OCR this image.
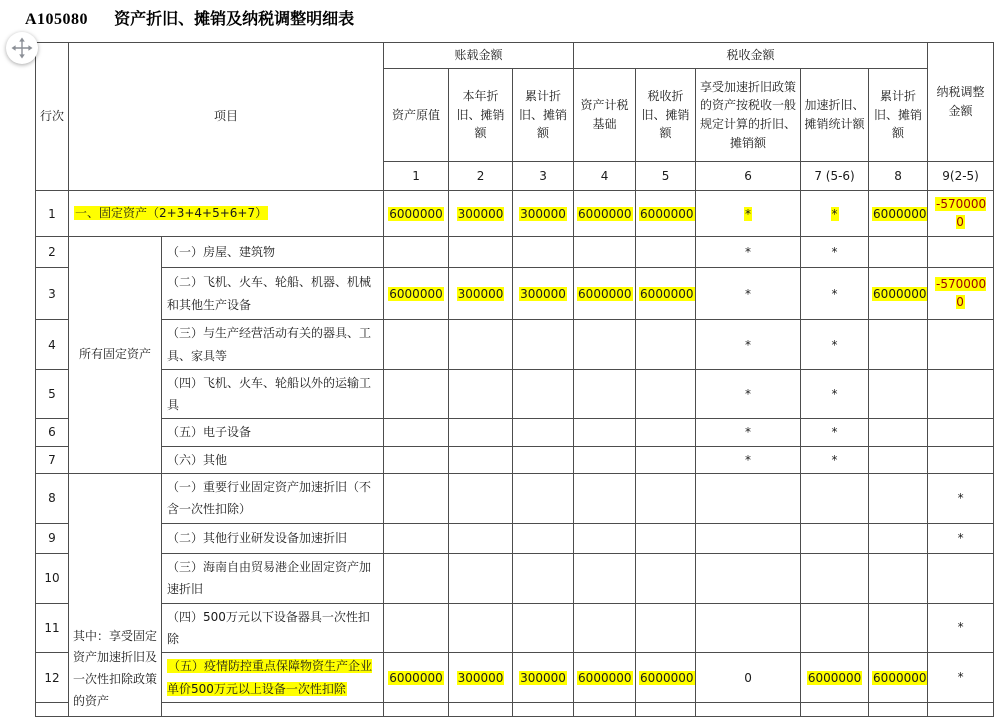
A105080 资产折旧、摊销及纳税调整明细表
行次	项目		账载金额			税收金额					纳税调整金额
			资产原值	本年折旧、摊销额	累计折旧、摊销额	资产计税基础	税收折旧、摊销额	享受加速折旧政策的资产按税收一般规定计算的折旧、摊销额	加速折旧、摊销统计额	累计折旧、摊销额	
			1	2	3	4	5	6	7 (5-6)	8	9(2-5)
1	一、固定资产（2+3+4+5+6+7）		6000000	300000	300000	6000000	6000000	*	*	6000000	-5700000
2	所有固定资产	（一）房屋、建筑物						*	*		
3		（二）飞机、火车、轮船、机器、机械和其他生产设备	6000000	300000	300000	6000000	6000000	*	*	6000000	-5700000
4		（三）与生产经营活动有关的器具、工具、家具等						*	*		
5		（四）飞机、火车、轮船以外的运输工具						*	*		
6		（五）电子设备						*	*		
7		（六）其他						*	*		
8	其中：享受固定资产加速折旧及一次性扣除政策的资产	（一）重要行业固定资产加速折旧（不含一次性扣除）									*
9		（二）其他行业研发设备加速折旧									*
10		（三）海南自由贸易港企业固定资产加速折旧									
11		（四）500万元以下设备器具一次性扣除									*
12		（五）疫情防控重点保障物资生产企业单价500万元以上设备一次性扣除	6000000	300000	300000	6000000	6000000	0	6000000	6000000	*
